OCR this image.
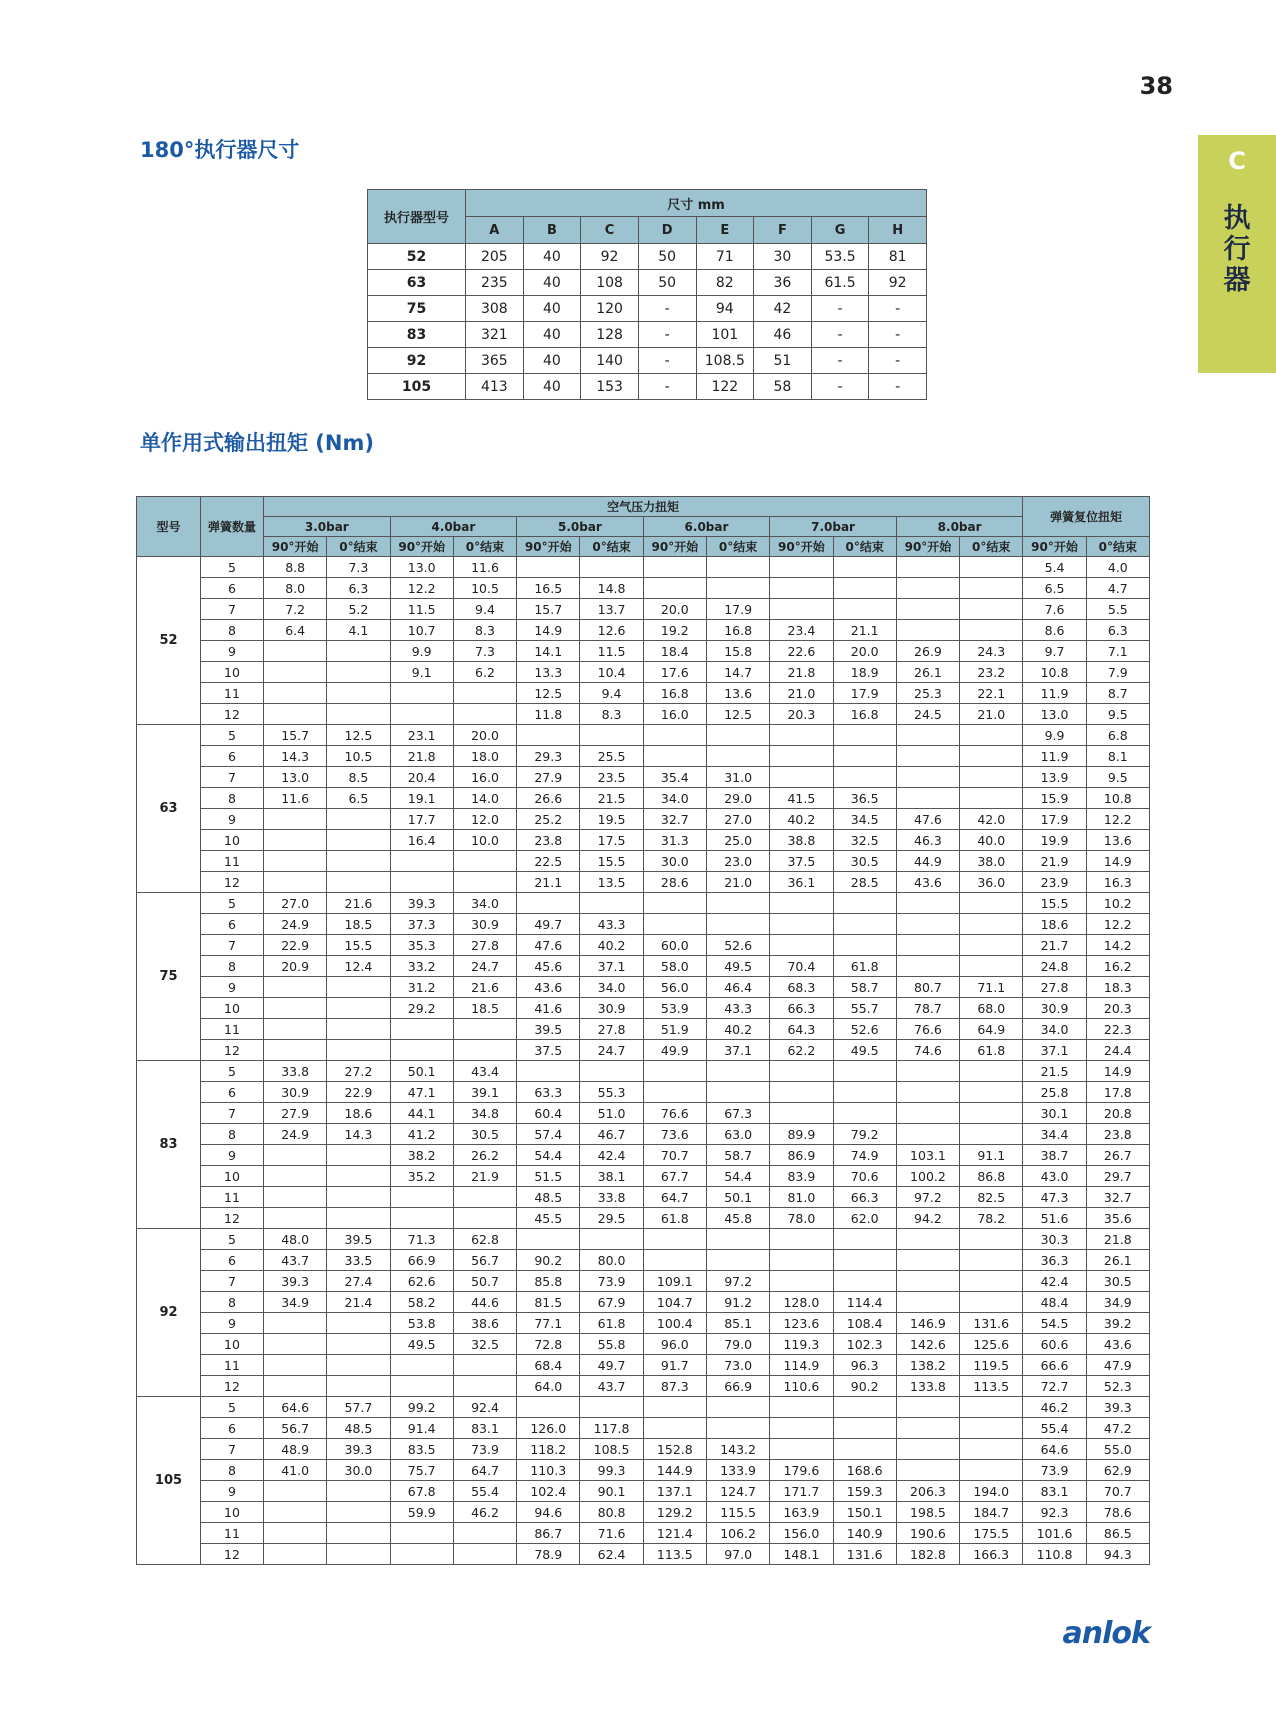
38
C
执行器
180°执行器尺寸
执行器型号	尺寸 mm							
	A	B	C	D	E	F	G	H
52	205	40	92	50	71	30	53.5	81
63	235	40	108	50	82	36	61.5	92
75	308	40	120	-	94	42	-	-
83	321	40	128	-	101	46	-	-
92	365	40	140	-	108.5	51	-	-
105	413	40	153	-	122	58	-	-
单作用式输出扭矩 (Nm)
型号	弹簧数量	空气压力扭矩												弹簧复位扭矩	
		3.0bar		4.0bar		5.0bar		6.0bar		7.0bar		8.0bar			
		90°开始	0°结束	90°开始	0°结束	90°开始	0°结束	90°开始	0°结束	90°开始	0°结束	90°开始	0°结束	90°开始	0°结束
52	5	8.8	7.3	13.0	11.6									5.4	4.0
	6	8.0	6.3	12.2	10.5	16.5	14.8							6.5	4.7
	7	7.2	5.2	11.5	9.4	15.7	13.7	20.0	17.9					7.6	5.5
	8	6.4	4.1	10.7	8.3	14.9	12.6	19.2	16.8	23.4	21.1			8.6	6.3
	9			9.9	7.3	14.1	11.5	18.4	15.8	22.6	20.0	26.9	24.3	9.7	7.1
	10			9.1	6.2	13.3	10.4	17.6	14.7	21.8	18.9	26.1	23.2	10.8	7.9
	11					12.5	9.4	16.8	13.6	21.0	17.9	25.3	22.1	11.9	8.7
	12					11.8	8.3	16.0	12.5	20.3	16.8	24.5	21.0	13.0	9.5
63	5	15.7	12.5	23.1	20.0									9.9	6.8
	6	14.3	10.5	21.8	18.0	29.3	25.5							11.9	8.1
	7	13.0	8.5	20.4	16.0	27.9	23.5	35.4	31.0					13.9	9.5
	8	11.6	6.5	19.1	14.0	26.6	21.5	34.0	29.0	41.5	36.5			15.9	10.8
	9			17.7	12.0	25.2	19.5	32.7	27.0	40.2	34.5	47.6	42.0	17.9	12.2
	10			16.4	10.0	23.8	17.5	31.3	25.0	38.8	32.5	46.3	40.0	19.9	13.6
	11					22.5	15.5	30.0	23.0	37.5	30.5	44.9	38.0	21.9	14.9
	12					21.1	13.5	28.6	21.0	36.1	28.5	43.6	36.0	23.9	16.3
75	5	27.0	21.6	39.3	34.0									15.5	10.2
	6	24.9	18.5	37.3	30.9	49.7	43.3							18.6	12.2
	7	22.9	15.5	35.3	27.8	47.6	40.2	60.0	52.6					21.7	14.2
	8	20.9	12.4	33.2	24.7	45.6	37.1	58.0	49.5	70.4	61.8			24.8	16.2
	9			31.2	21.6	43.6	34.0	56.0	46.4	68.3	58.7	80.7	71.1	27.8	18.3
	10			29.2	18.5	41.6	30.9	53.9	43.3	66.3	55.7	78.7	68.0	30.9	20.3
	11					39.5	27.8	51.9	40.2	64.3	52.6	76.6	64.9	34.0	22.3
	12					37.5	24.7	49.9	37.1	62.2	49.5	74.6	61.8	37.1	24.4
83	5	33.8	27.2	50.1	43.4									21.5	14.9
	6	30.9	22.9	47.1	39.1	63.3	55.3							25.8	17.8
	7	27.9	18.6	44.1	34.8	60.4	51.0	76.6	67.3					30.1	20.8
	8	24.9	14.3	41.2	30.5	57.4	46.7	73.6	63.0	89.9	79.2			34.4	23.8
	9			38.2	26.2	54.4	42.4	70.7	58.7	86.9	74.9	103.1	91.1	38.7	26.7
	10			35.2	21.9	51.5	38.1	67.7	54.4	83.9	70.6	100.2	86.8	43.0	29.7
	11					48.5	33.8	64.7	50.1	81.0	66.3	97.2	82.5	47.3	32.7
	12					45.5	29.5	61.8	45.8	78.0	62.0	94.2	78.2	51.6	35.6
92	5	48.0	39.5	71.3	62.8									30.3	21.8
	6	43.7	33.5	66.9	56.7	90.2	80.0							36.3	26.1
	7	39.3	27.4	62.6	50.7	85.8	73.9	109.1	97.2					42.4	30.5
	8	34.9	21.4	58.2	44.6	81.5	67.9	104.7	91.2	128.0	114.4			48.4	34.9
	9			53.8	38.6	77.1	61.8	100.4	85.1	123.6	108.4	146.9	131.6	54.5	39.2
	10			49.5	32.5	72.8	55.8	96.0	79.0	119.3	102.3	142.6	125.6	60.6	43.6
	11					68.4	49.7	91.7	73.0	114.9	96.3	138.2	119.5	66.6	47.9
	12					64.0	43.7	87.3	66.9	110.6	90.2	133.8	113.5	72.7	52.3
105	5	64.6	57.7	99.2	92.4									46.2	39.3
	6	56.7	48.5	91.4	83.1	126.0	117.8							55.4	47.2
	7	48.9	39.3	83.5	73.9	118.2	108.5	152.8	143.2					64.6	55.0
	8	41.0	30.0	75.7	64.7	110.3	99.3	144.9	133.9	179.6	168.6			73.9	62.9
	9			67.8	55.4	102.4	90.1	137.1	124.7	171.7	159.3	206.3	194.0	83.1	70.7
	10			59.9	46.2	94.6	80.8	129.2	115.5	163.9	150.1	198.5	184.7	92.3	78.6
	11					86.7	71.6	121.4	106.2	156.0	140.9	190.6	175.5	101.6	86.5
	12					78.9	62.4	113.5	97.0	148.1	131.6	182.8	166.3	110.8	94.3
anlok
